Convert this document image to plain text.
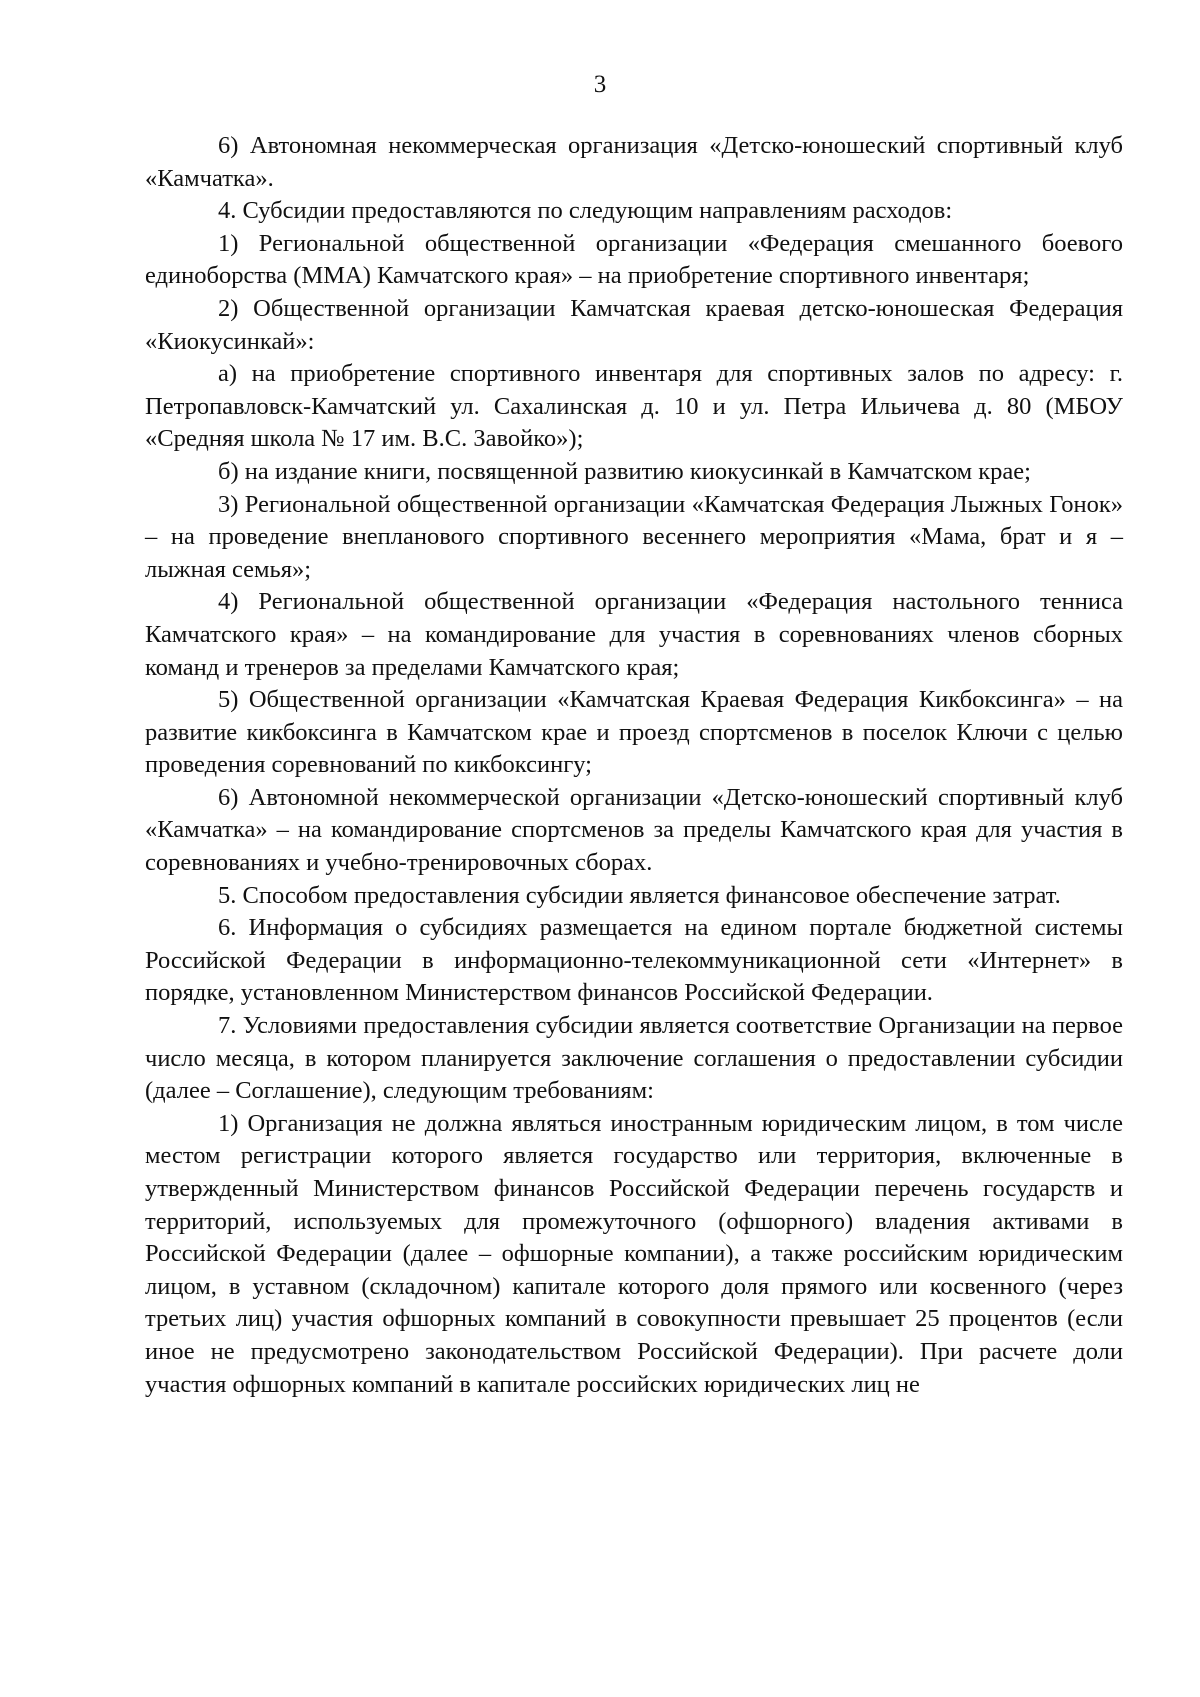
3

6) Автономная некоммерческая организация «Детско-юношеский спортивный клуб «Камчатка».

4. Субсидии предоставляются по следующим направлениям расходов:

1) Региональной общественной организации «Федерация смешанного боевого единоборства (ММА) Камчатского края» – на приобретение спортивного инвентаря;

2) Общественной организации Камчатская краевая детско-юношеская Федерация «Киокусинкай»:

а) на приобретение спортивного инвентаря для спортивных залов по адресу: г. Петропавловск-Камчатский ул. Сахалинская д. 10 и ул. Петра Ильичева д. 80 (МБОУ «Средняя школа № 17 им. В.С. Завойко»);

б) на издание книги, посвященной развитию киокусинкай в Камчатском крае;

3) Региональной общественной организации «Камчатская Федерация Лыжных Гонок» – на проведение внепланового спортивного весеннего мероприятия «Мама, брат и я – лыжная семья»;

4) Региональной общественной организации «Федерация настольного тенниса Камчатского края» – на командирование для участия в соревнованиях членов сборных команд и тренеров за пределами Камчатского края;

5) Общественной организации «Камчатская Краевая Федерация Кикбоксинга» – на развитие кикбоксинга в Камчатском крае и проезд спортсменов в поселок Ключи с целью проведения соревнований по кикбоксингу;

6) Автономной некоммерческой организации «Детско-юношеский спортивный клуб «Камчатка» – на командирование спортсменов за пределы Камчатского края для участия в соревнованиях и учебно-тренировочных сборах.

5. Способом предоставления субсидии является финансовое обеспечение затрат.

6. Информация о субсидиях размещается на едином портале бюджетной системы Российской Федерации в информационно-телекоммуникационной сети «Интернет» в порядке, установленном Министерством финансов Российской Федерации.

7. Условиями предоставления субсидии является соответствие Организации на первое число месяца, в котором планируется заключение соглашения о предоставлении субсидии (далее – Соглашение), следующим требованиям:

1) Организация не должна являться иностранным юридическим лицом, в том числе местом регистрации которого является государство или территория, включенные в утвержденный Министерством финансов Российской Федерации перечень государств и территорий, используемых для промежуточного (офшорного) владения активами в Российской Федерации (далее – офшорные компании), а также российским юридическим лицом, в уставном (складочном) капитале которого доля прямого или косвенного (через третьих лиц) участия офшорных компаний в совокупности превышает 25 процентов (если иное не предусмотрено законодательством Российской Федерации). При расчете доли участия офшорных компаний в капитале российских юридических лиц не
